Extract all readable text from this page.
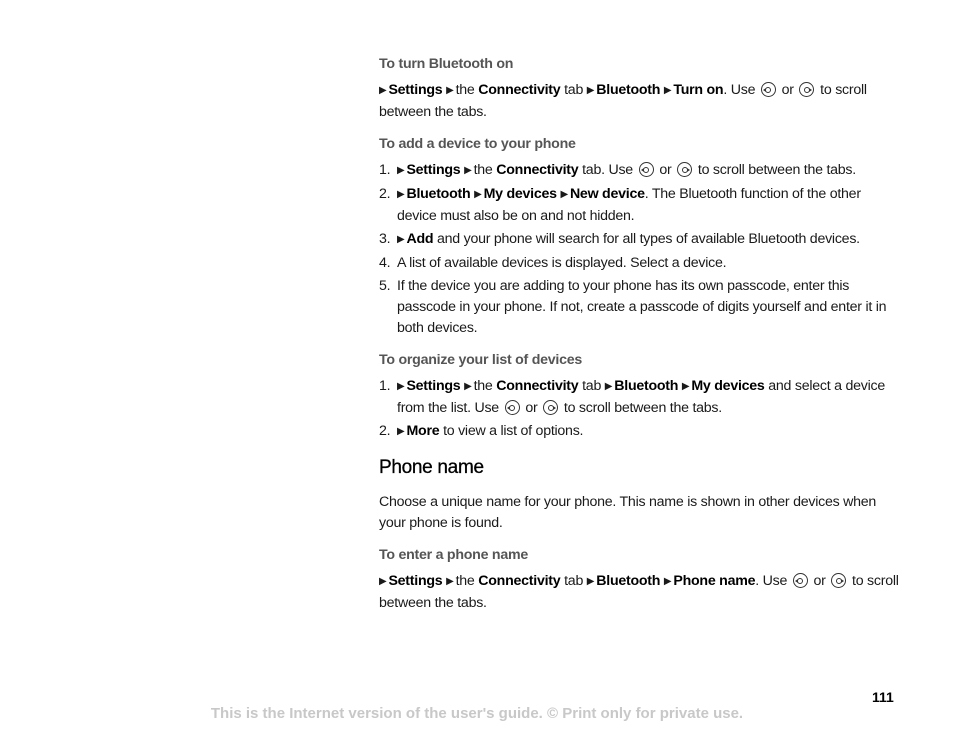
To turn Bluetooth on

▶ Settings ▶ the Connectivity tab ▶ Bluetooth ▶ Turn on. Use or to scroll between the tabs.

To add a device to your phone
1. ▶ Settings ▶ the Connectivity tab. Use or to scroll between the tabs.
2. ▶ Bluetooth ▶ My devices ▶ New device. The Bluetooth function of the other device must also be on and not hidden.
3. ▶ Add and your phone will search for all types of available Bluetooth devices.
4. A list of available devices is displayed. Select a device.
5. If the device you are adding to your phone has its own passcode, enter this passcode in your phone. If not, create a passcode of digits yourself and enter it in both devices.
To organize your list of devices
1. ▶ Settings ▶ the Connectivity tab ▶ Bluetooth ▶ My devices and select a device from the list. Use or to scroll between the tabs.
2. ▶ More to view a list of options.
Phone name

Choose a unique name for your phone. This name is shown in other devices when your phone is found.

To enter a phone name

▶ Settings ▶ the Connectivity tab ▶ Bluetooth ▶ Phone name. Use or to scroll between the tabs.

111
This is the Internet version of the user's guide. © Print only for private use.
